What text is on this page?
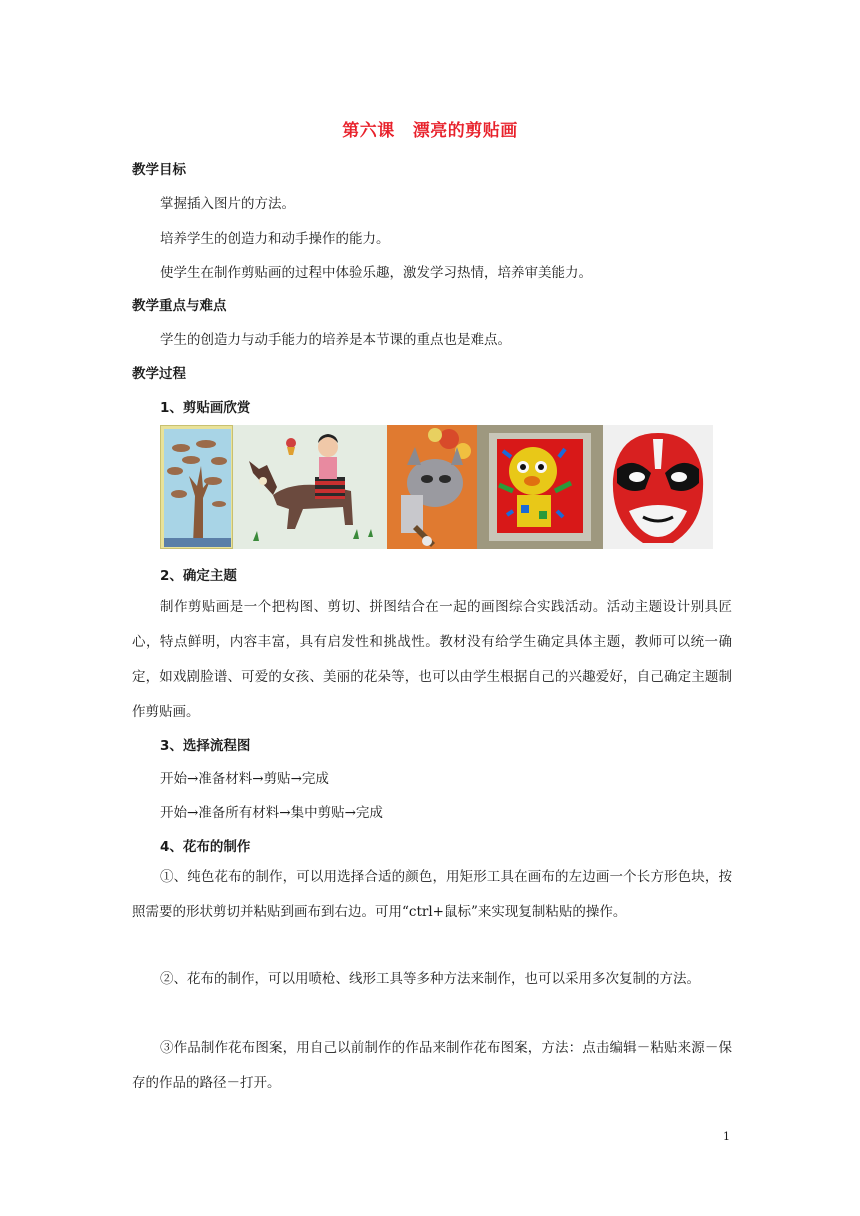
第六课 漂亮的剪贴画
教学目标
掌握插入图片的方法。
培养学生的创造力和动手操作的能力。
使学生在制作剪贴画的过程中体验乐趣，激发学习热情，培养审美能力。
教学重点与难点
学生的创造力与动手能力的培养是本节课的重点也是难点。
教学过程
1、剪贴画欣赏
2、确定主题
制作剪贴画是一个把构图、剪切、拼图结合在一起的画图综合实践活动。活动主题设计别具匠心，特点鲜明，内容丰富，具有启发性和挑战性。教材没有给学生确定具体主题，教师可以统一确定，如戏剧脸谱、可爱的女孩、美丽的花朵等，也可以由学生根据自己的兴趣爱好，自己确定主题制作剪贴画。
3、选择流程图
开始→准备材料→剪贴→完成
开始→准备所有材料→集中剪贴→完成
4、花布的制作
①、纯色花布的制作，可以用选择合适的颜色，用矩形工具在画布的左边画一个长方形色块，按照需要的形状剪切并粘贴到画布到右边。可用“ctrl+鼠标”来实现复制粘贴的操作。
②、花布的制作，可以用喷枪、线形工具等多种方法来制作，也可以采用多次复制的方法。
③作品制作花布图案，用自己以前制作的作品来制作花布图案，方法：点击编辑－粘贴来源－保存的作品的路径－打开。
1
